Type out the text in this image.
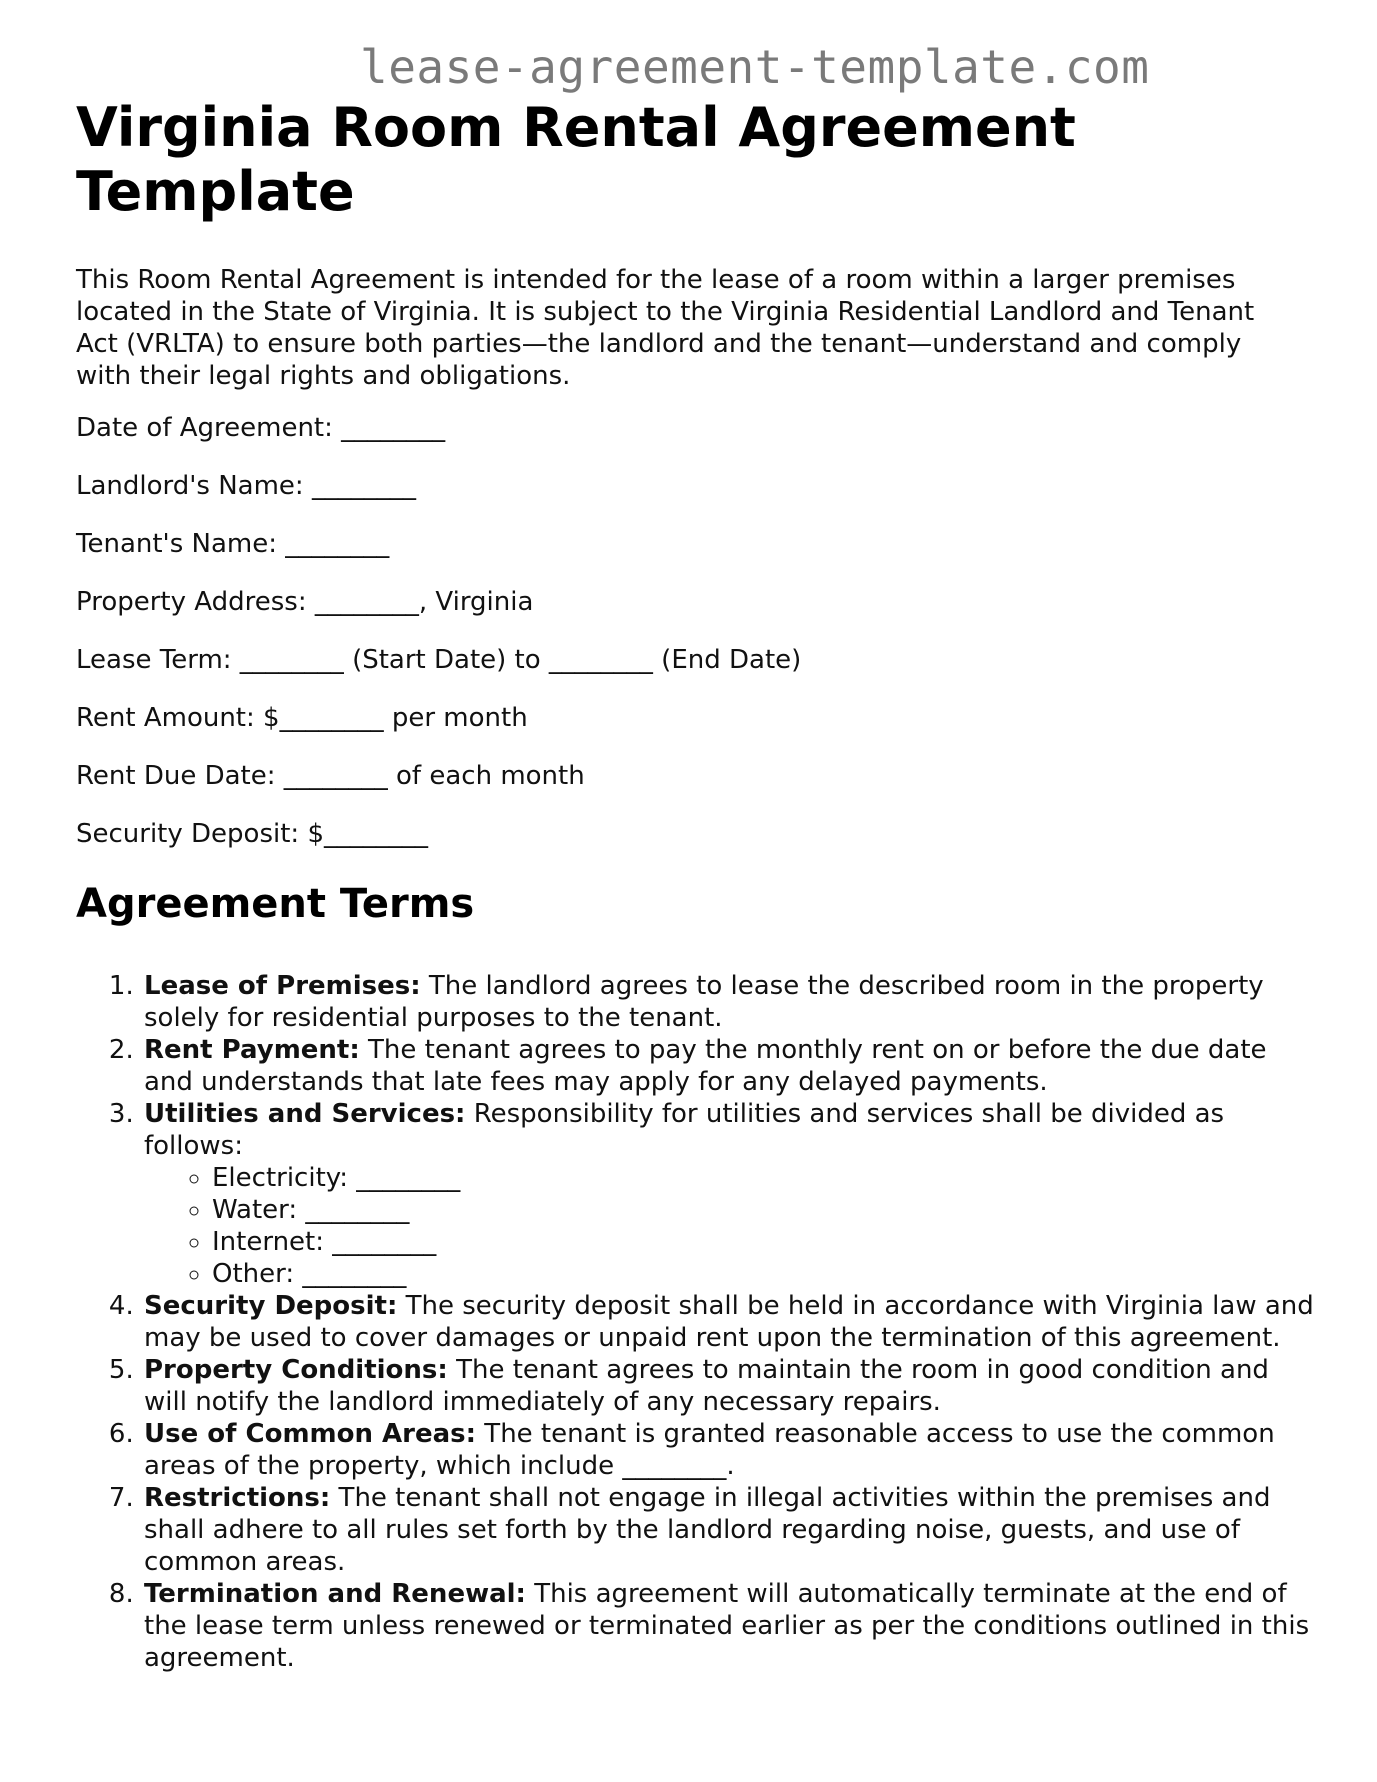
lease-agreement-template.com
Virginia Room Rental Agreement Template

This Room Rental Agreement is intended for the lease of a room within a larger premises located in the State of Virginia. It is subject to the Virginia Residential Landlord and Tenant Act (VRLTA) to ensure both parties—the landlord and the tenant—understand and comply with their legal rights and obligations.

Date of Agreement: ________
Landlord's Name: ________
Tenant's Name: ________
Property Address: ________, Virginia
Lease Term: ________ (Start Date) to ________ (End Date)
Rent Amount: $________ per month
Rent Due Date: ________ of each month
Security Deposit: $________
Agreement Terms
1. Lease of Premises: The landlord agrees to lease the described room in the property solely for residential purposes to the tenant.
2. Rent Payment: The tenant agrees to pay the monthly rent on or before the due date and understands that late fees may apply for any delayed payments.
3. Utilities and Services: Responsibility for utilities and services shall be divided as follows:
◦ Electricity: ________
◦ Water: ________
◦ Internet: ________
◦ Other: ________
4. Security Deposit: The security deposit shall be held in accordance with Virginia law and may be used to cover damages or unpaid rent upon the termination of this agreement.
5. Property Conditions: The tenant agrees to maintain the room in good condition and will notify the landlord immediately of any necessary repairs.
6. Use of Common Areas: The tenant is granted reasonable access to use the common areas of the property, which include ________.
7. Restrictions: The tenant shall not engage in illegal activities within the premises and shall adhere to all rules set forth by the landlord regarding noise, guests, and use of common areas.
8. Termination and Renewal: This agreement will automatically terminate at the end of the lease term unless renewed or terminated earlier as per the conditions outlined in this agreement.
